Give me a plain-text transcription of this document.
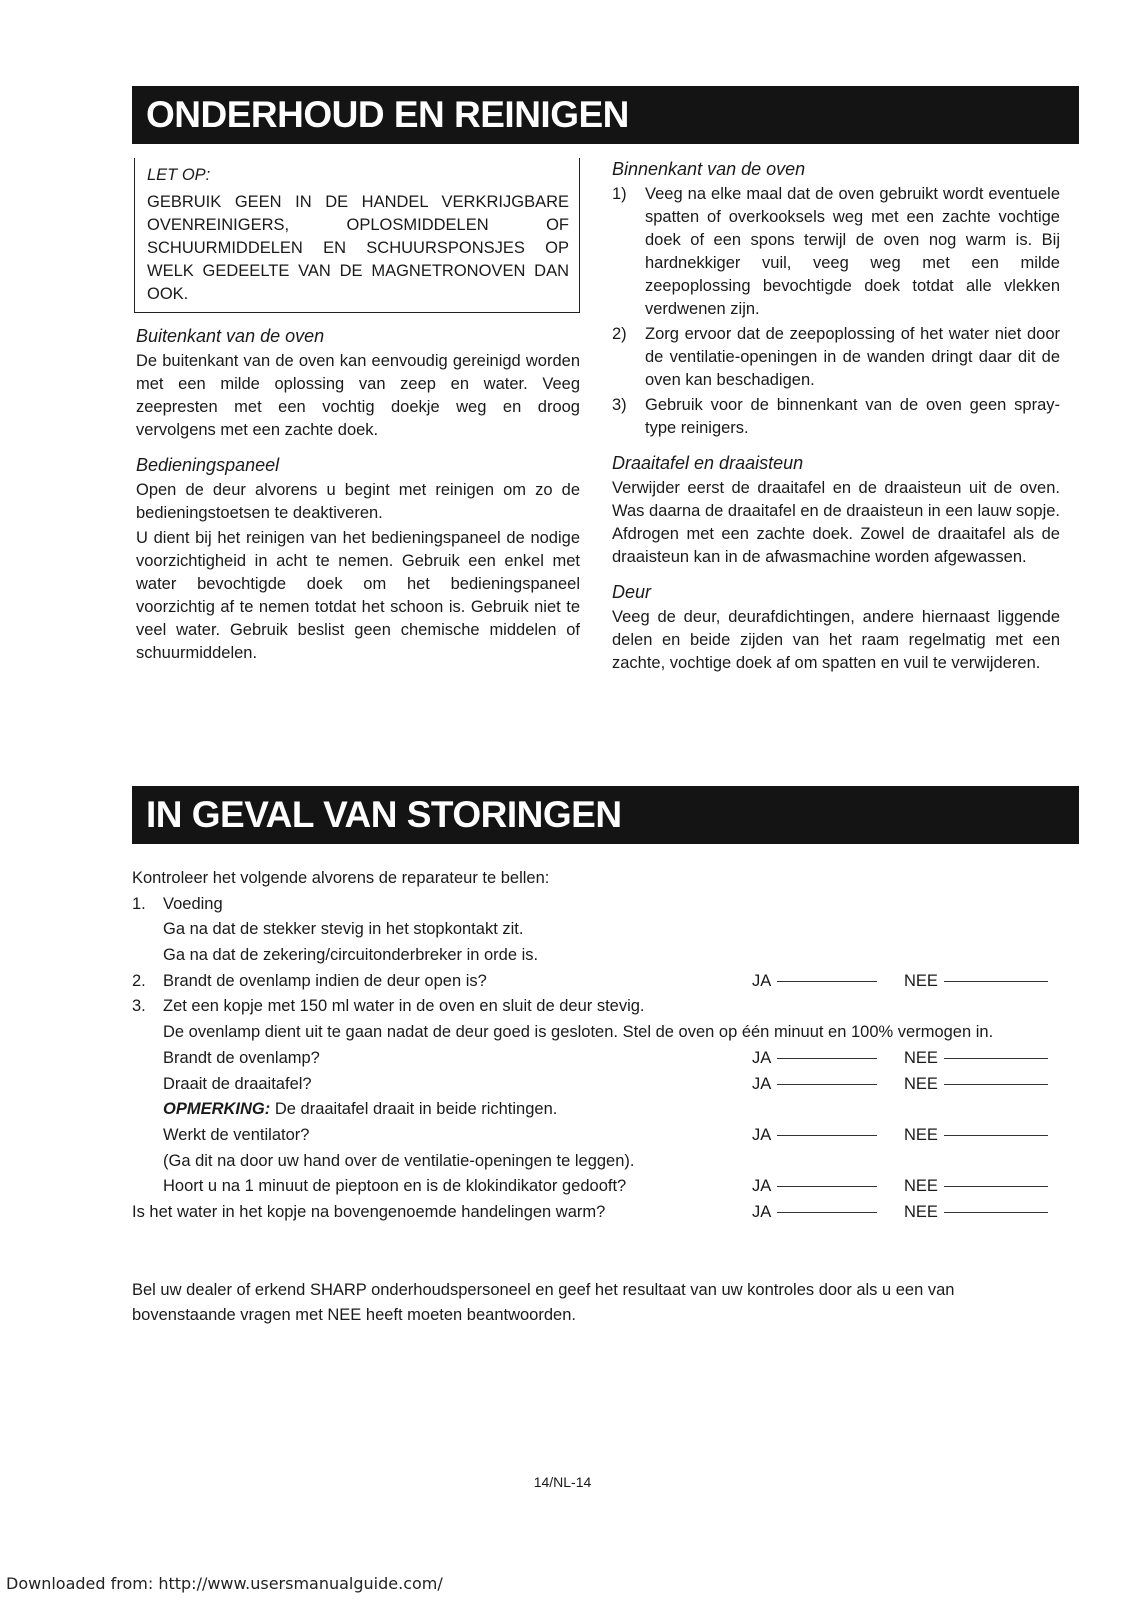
ONDERHOUD EN REINIGEN
LET OP:
GEBRUIK GEEN IN DE HANDEL VERKRIJGBARE OVENREINIGERS, OPLOSMIDDELEN OF SCHUURMIDDELEN EN SCHUURSPONSJES OP WELK GEDEELTE VAN DE MAGNETRONOVEN DAN OOK.
Buitenkant van de oven

De buitenkant van de oven kan eenvoudig gereinigd worden met een milde oplossing van zeep en water. Veeg zeepresten met een vochtig doekje weg en droog vervolgens met een zachte doek.

Bedieningspaneel

Open de deur alvorens u begint met reinigen om zo de bedieningstoetsen te deaktiveren.

U dient bij het reinigen van het bedieningspaneel de nodige voorzichtigheid in acht te nemen. Gebruik een enkel met water bevochtigde doek om het bedieningspaneel voorzichtig af te nemen totdat het schoon is. Gebruik niet te veel water. Gebruik beslist geen chemische middelen of schuurmiddelen.

Binnenkant van de oven
1) Veeg na elke maal dat de oven gebruikt wordt eventuele spatten of overkooksels weg met een zachte vochtige doek of een spons terwijl de oven nog warm is. Bij hardnekkiger vuil, veeg weg met een milde zeepoplossing bevochtigde doek totdat alle vlekken verdwenen zijn.
2) Zorg ervoor dat de zeepoplossing of het water niet door de ventilatie-openingen in de wanden dringt daar dit de oven kan beschadigen.
3) Gebruik voor de binnenkant van de oven geen spray-type reinigers.
Draaitafel en draaisteun

Verwijder eerst de draaitafel en de draaisteun uit de oven. Was daarna de draaitafel en de draaisteun in een lauw sopje. Afdrogen met een zachte doek. Zowel de draaitafel als de draaisteun kan in de afwasmachine worden afgewassen.

Deur

Veeg de deur, deurafdichtingen, andere hiernaast liggende delen en beide zijden van het raam regelmatig met een zachte, vochtige doek af om spatten en vuil te verwijderen.

IN GEVAL VAN STORINGEN
Kontroleer het volgende alvorens de reparateur te bellen:
1. Voeding
Ga na dat de stekker stevig in het stopkontakt zit.
Ga na dat de zekering/circuitonderbreker in orde is.
2. Brandt de ovenlamp indien de deur open is?	JA	NEE
3. Zet een kopje met 150 ml water in de oven en sluit de deur stevig.
De ovenlamp dient uit te gaan nadat de deur goed is gesloten. Stel de oven op één minuut en 100% vermogen in.
Brandt de ovenlamp?	JA	NEE
Draait de draaitafel?	JA	NEE
OPMERKING: De draaitafel draait in beide richtingen.
Werkt de ventilator?	JA	NEE
(Ga dit na door uw hand over de ventilatie-openingen te leggen).
Hoort u na 1 minuut de pieptoon en is de klokindikator gedooft?	JA	NEE
Is het water in het kopje na bovengenoemde handelingen warm?	JA	NEE
Bel uw dealer of erkend SHARP onderhoudspersoneel en geef het resultaat van uw kontroles door als u een van bovenstaande vragen met NEE heeft moeten beantwoorden.
14/NL-14
Downloaded from: http://www.usersmanualguide.com/
